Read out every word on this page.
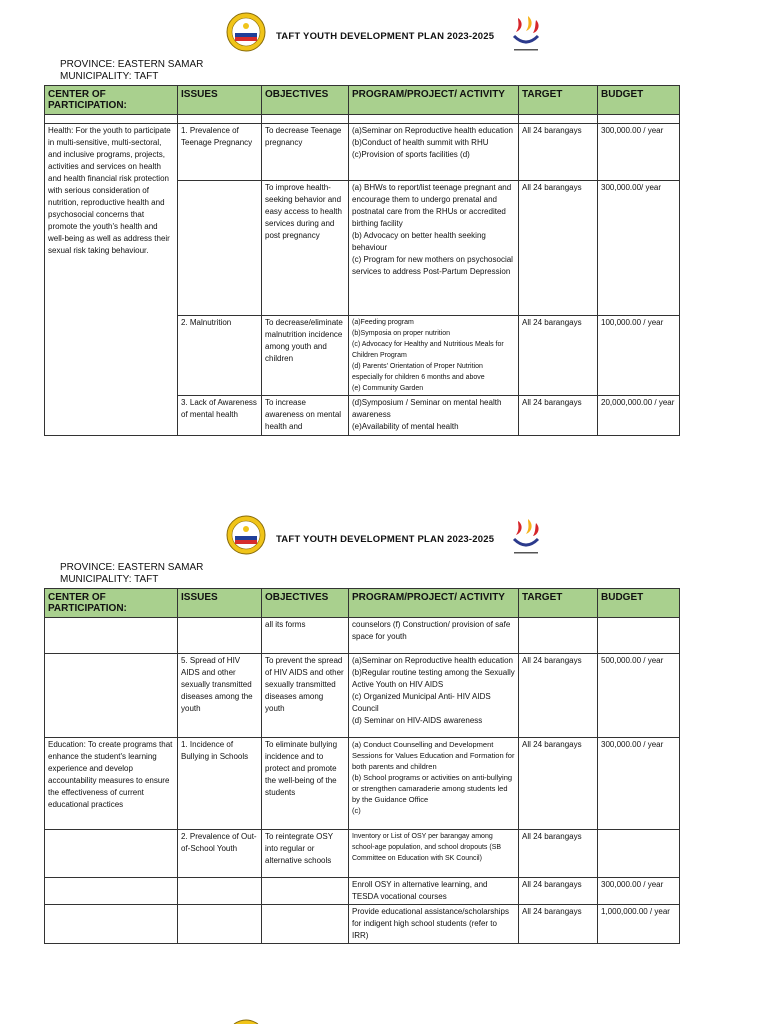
TAFT YOUTH DEVELOPMENT PLAN 2023-2025
PROVINCE: EASTERN SAMAR
MUNICIPALITY: TAFT
CENTER OF PARTICIPATION:	ISSUES	OBJECTIVES	PROGRAM/PROJECT/ ACTIVITY	TARGET	BUDGET

Health: For the youth to participate in multi-sensitive, multi-sectoral, and inclusive programs, projects, activities and services on health and health financial risk protection with serious consideration of nutrition, reproductive health and psychosocial concerns that promote the youth's health and well-being as well as address their sexual risk taking behaviour.	1. Prevalence of Teenage Pregnancy	To decrease Teenage pregnancy	(a)Seminar on Reproductive health education (b)Conduct of health summit with RHU (c)Provision of sports facilities (d)	All 24 barangays	300,000.00 / year
		To improve health-seeking behavior and easy access to health services during and post pregnancy	(a) BHWs to report/list teenage pregnant and encourage them to undergo prenatal and postnatal care from the RHUs or accredited birthing facility
(b) Advocacy on better health seeking behaviour
(c) Program for new mothers on psychosocial services to address Post-Partum Depression	All 24 barangays	300,000.00/ year
	2. Malnutrition	To decrease/eliminate malnutrition incidence among youth and children	(a)Feeding program
(b)Symposia on proper nutrition
(c) Advocacy for Healthy and Nutritious Meals for Children Program
(d) Parents' Orientation of Proper Nutrition especially for children 6 months and above
(e) Community Garden	All 24 barangays	100,000.00 / year
	3. Lack of Awareness of mental health	To increase awareness on mental health and	(d)Symposium / Seminar on mental health awareness
(e)Availability of mental health	All 24 barangays	20,000,000.00 / year
TAFT YOUTH DEVELOPMENT PLAN 2023-2025
PROVINCE: EASTERN SAMAR
MUNICIPALITY: TAFT
CENTER OF PARTICIPATION:	ISSUES	OBJECTIVES	PROGRAM/PROJECT/ ACTIVITY	TARGET	BUDGET
		all its forms	counselors (f) Construction/ provision of safe space for youth		
	5. Spread of HIV AIDS and other sexually transmitted diseases among the youth	To prevent the spread of HIV AIDS and other sexually transmitted diseases among youth	(a)Seminar on Reproductive health education (b)Regular routine testing among the Sexually Active Youth on HIV AIDS
(c) Organized Municipal Anti- HIV AIDS Council
(d) Seminar on HIV-AIDS awareness	All 24 barangays	500,000.00 / year
Education: To create programs that enhance the student's learning experience and develop accountability measures to ensure the effectiveness of current educational practices	1. Incidence of Bullying in Schools	To eliminate bullying incidence and to protect and promote the well-being of the students	(a) Conduct Counselling and Development Sessions for Values Education and Formation for both parents and children
(b) School programs or activities on anti-bullying or strengthen camaraderie among students led by the Guidance Office
(c)	All 24 barangays	300,000.00 / year
	2. Prevalence of Out-of-School Youth	To reintegrate OSY into regular or alternative schools	Inventory or List of OSY per barangay among school-age population, and school dropouts (SB Committee on Education with SK Council)	All 24 barangays	
			Enroll OSY in alternative learning, and TESDA vocational courses	All 24 barangays	300,000.00 / year
			Provide educational assistance/scholarships for indigent high school students (refer to IRR)	All 24 barangays	1,000,000.00 / year
